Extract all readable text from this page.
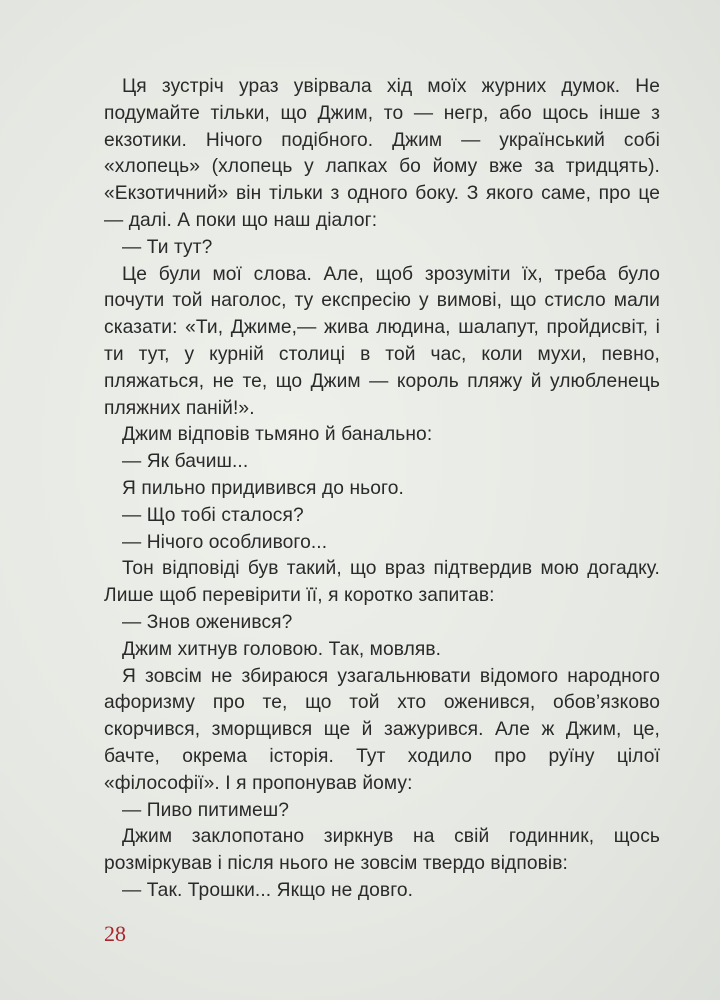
Ця зустріч ураз увірвала хід моїх журних думок. Не подумайте тільки, що Джим, то — негр, або щось інше з екзотики. Нічого подібного. Джим — український собі «хлопець» (хлопець у лапках бо йому вже за тридцять). «Екзотичний» він тільки з одного боку. З якого саме, про це — далі. А поки що наш діалог:

— Ти тут?

Це були мої слова. Але, щоб зрозуміти їх, треба було почути той наголос, ту експресію у вимові, що стисло мали сказати: «Ти, Джиме,— жива людина, шалапут, пройдисвіт, і ти тут, у курній столиці в той час, коли мухи, певно, пляжаться, не те, що Джим — король пляжу й улюбленець пляжних паній!».

Джим відповів тьмяно й банально:

— Як бачиш...

Я пильно придивився до нього.

— Що тобі сталося?

— Нічого особливого...

Тон відповіді був такий, що враз підтвердив мою догадку. Лише щоб перевірити її, я коротко запитав:

— Знов оженився?

Джим хитнув головою. Так, мовляв.

Я зовсім не збираюся узагальнювати відомого народного афоризму про те, що той хто оженився, обов’язково скорчився, зморщився ще й зажурився. Але ж Джим, це, бачте, окрема історія. Тут ходило про руїну цілої «філософії». І я пропонував йому:

— Пиво питимеш?

Джим заклопотано зиркнув на свій годинник, щось розміркував і після нього не зовсім твердо відповів:

— Так. Трошки... Якщо не довго.

28
